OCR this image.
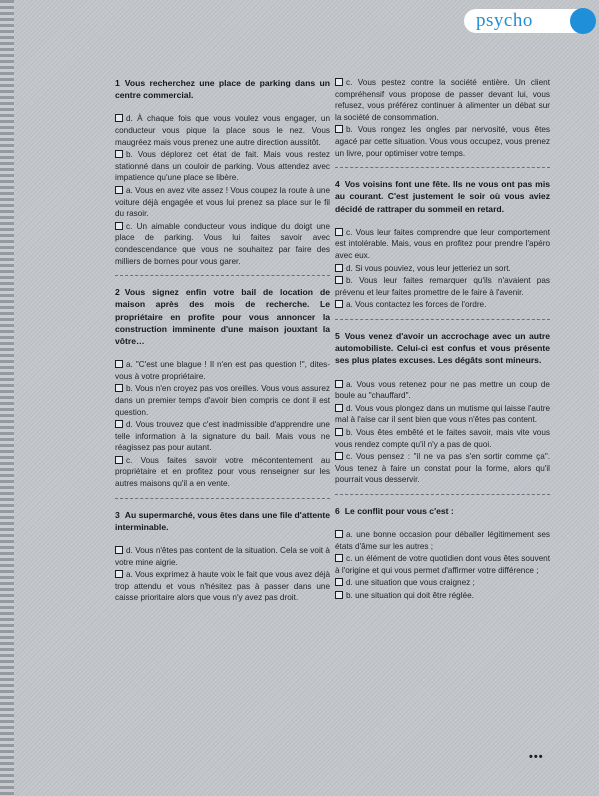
psycho
1 Vous recherchez une place de parking dans un centre commercial.
d. À chaque fois que vous voulez vous engager, un conducteur vous pique la place sous le nez. Vous maugréez mais vous prenez une autre direction aussitôt.
b. Vous déplorez cet état de fait. Mais vous restez stationné dans un couloir de parking. Vous attendez avec impatience qu'une place se libère.
a. Vous en avez vite assez ! Vous coupez la route à une voiture déjà engagée et vous lui prenez sa place sur le fil du rasoir.
c. Un aimable conducteur vous indique du doigt une place de parking. Vous lui faites savoir avec condescendance que vous ne souhaitez par faire des milliers de bornes pour vous garer.
2 Vous signez enfin votre bail de location de maison après des mois de recherche. Le propriétaire en profite pour vous annoncer la construction imminente d'une maison jouxtant la vôtre…
a. "C'est une blague ! Il n'en est pas question !", dites-vous à votre propriétaire.
b. Vous n'en croyez pas vos oreilles. Vous vous assurez dans un premier temps d'avoir bien compris ce dont il est question.
d. Vous trouvez que c'est inadmissible d'apprendre une telle information à la signature du bail. Mais vous ne réagissez pas pour autant.
c. Vous faites savoir votre mécontentement au propriétaire et en profitez pour vous renseigner sur les autres maisons qu'il a en vente.
3 Au supermarché, vous êtes dans une file d'attente interminable.
d. Vous n'êtes pas content de la situation. Cela se voit à votre mine aigrie.
a. Vous exprimez à haute voix le fait que vous avez déjà trop attendu et vous n'hésitez pas à passer dans une caisse prioritaire alors que vous n'y avez pas droit.
c. Vous pestez contre la société entière. Un client compréhensif vous propose de passer devant lui, vous refusez, vous préférez continuer à alimenter un débat sur la société de consommation.
b. Vous rongez les ongles par nervosité, vous êtes agacé par cette situation. Vous vous occupez, vous prenez un livre, pour optimiser votre temps.
4 Vos voisins font une fête. Ils ne vous ont pas mis au courant. C'est justement le soir où vous aviez décidé de rattraper du sommeil en retard.
c. Vous leur faites comprendre que leur comportement est intolérable. Mais, vous en profitez pour prendre l'apéro avec eux.
d. Si vous pouviez, vous leur jetteriez un sort.
b. Vous leur faites remarquer qu'ils n'avaient pas prévenu et leur faites promettre de le faire à l'avenir.
a. Vous contactez les forces de l'ordre.
5 Vous venez d'avoir un accrochage avec un autre automobiliste. Celui-ci est confus et vous présente ses plus plates excuses. Les dégâts sont mineurs.
a. Vous vous retenez pour ne pas mettre un coup de boule au "chauffard".
d. Vous vous plongez dans un mutisme qui laisse l'autre mal à l'aise car il sent bien que vous n'êtes pas content.
b. Vous êtes embêté et le faites savoir, mais vite vous vous rendez compte qu'il n'y a pas de quoi.
c. Vous pensez : "il ne va pas s'en sortir comme ça". Vous tenez à faire un constat pour la forme, alors qu'il pourrait vous desservir.
6 Le conflit pour vous c'est :
a. une bonne occasion pour déballer légitimement ses états d'âme sur les autres ;
c. un élément de votre quotidien dont vous êtes souvent à l'origine et qui vous permet d'affirmer votre différence ;
d. une situation que vous craignez ;
b. une situation qui doit être réglée.
•••
